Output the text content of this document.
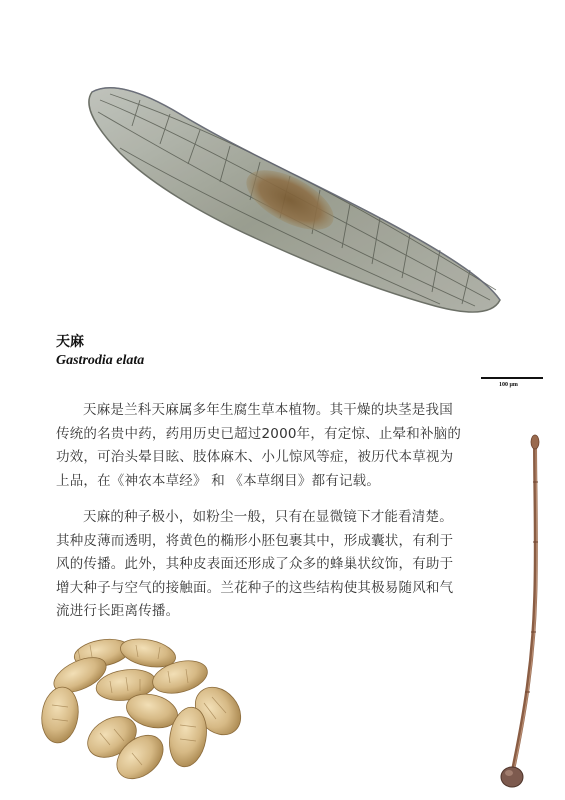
天麻
Gastrodia elata
100 μm
天麻是兰科天麻属多年生腐生草本植物。其干燥的块茎是我国
传统的名贵中药，药用历史已超过2000年，有定惊、止晕和补脑的
功效，可治头晕目眩、肢体麻木、小儿惊风等症，被历代本草视为
上品，在《神农本草经》 和 《本草纲目》都有记载。
天麻的种子极小，如粉尘一般，只有在显微镜下才能看清楚。
其种皮薄而透明，将黄色的椭形小胚包裹其中，形成囊状，有利于
风的传播。此外，其种皮表面还形成了众多的蜂巢状纹饰，有助于
增大种子与空气的接触面。兰花种子的这些结构使其极易随风和气
流进行长距离传播。
